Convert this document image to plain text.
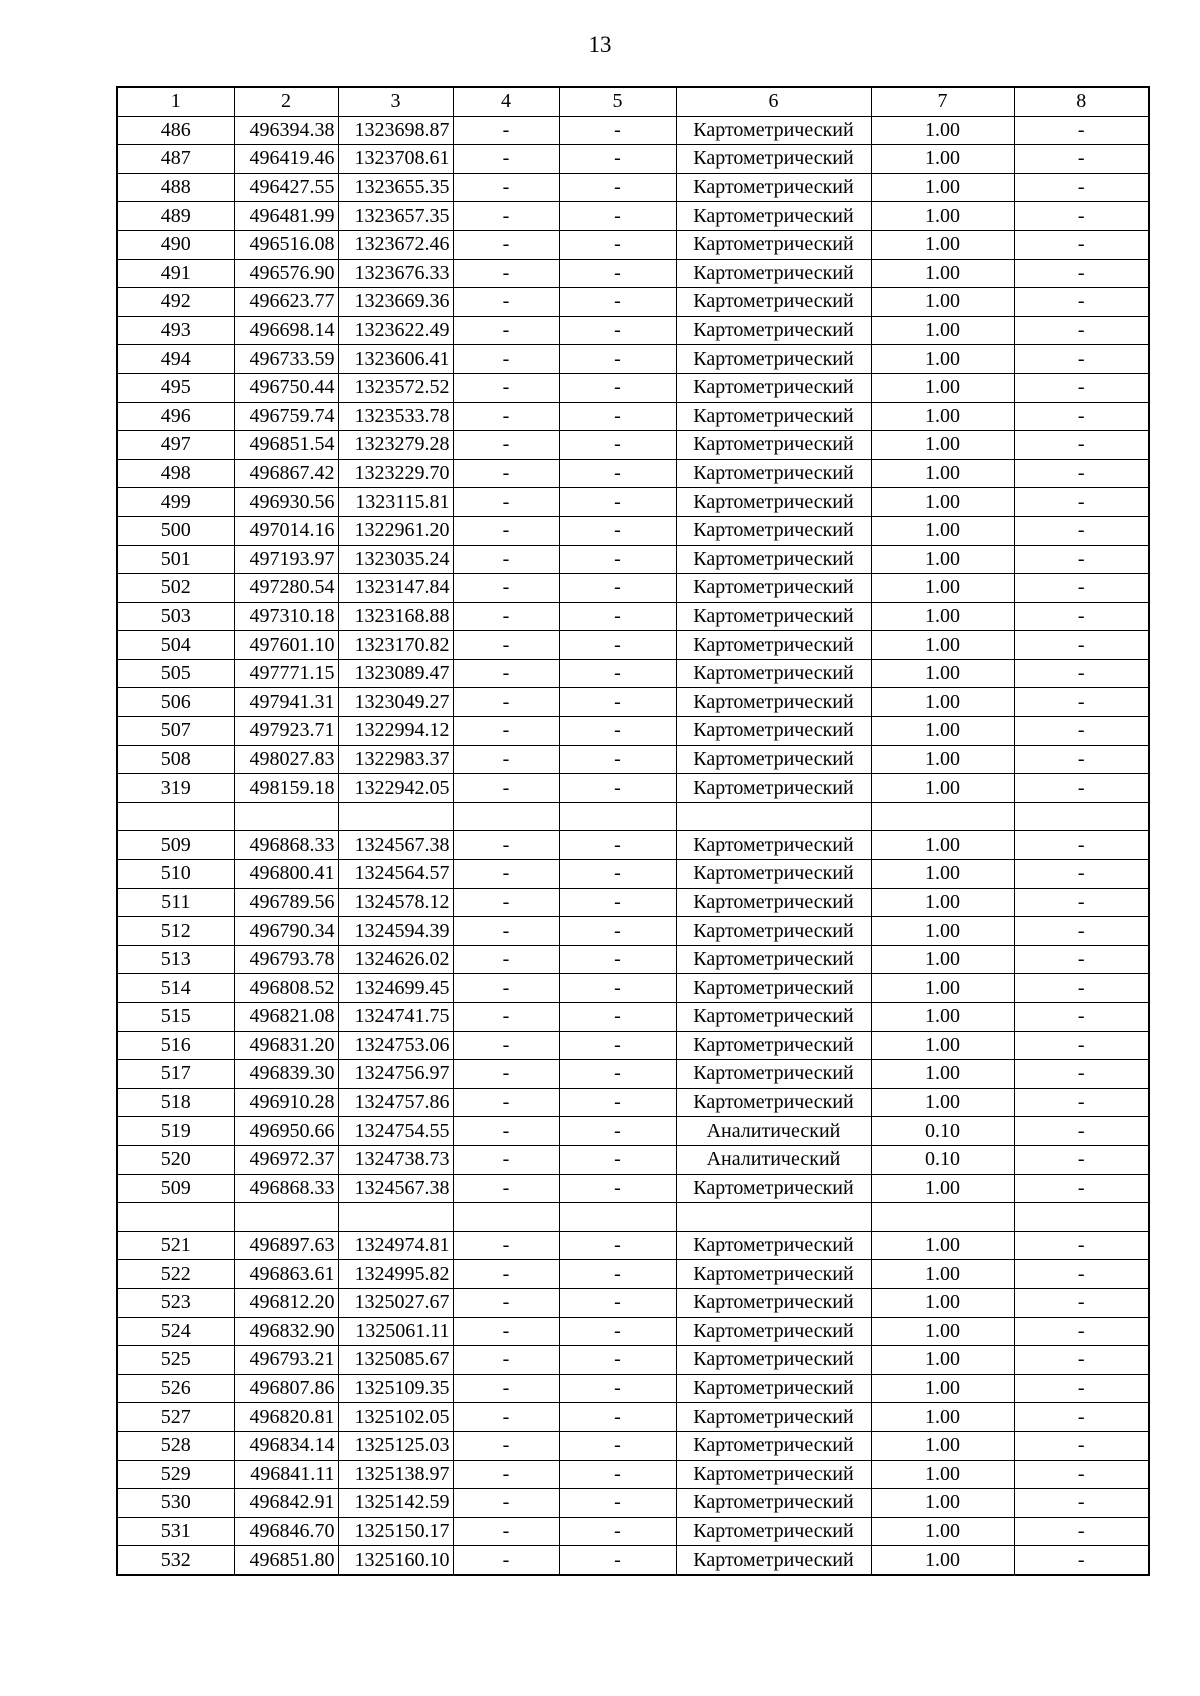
13
1	2	3	4	5	6	7	8
486	496394.38	1323698.87	-	-	Картометрический	1.00	-
487	496419.46	1323708.61	-	-	Картометрический	1.00	-
488	496427.55	1323655.35	-	-	Картометрический	1.00	-
489	496481.99	1323657.35	-	-	Картометрический	1.00	-
490	496516.08	1323672.46	-	-	Картометрический	1.00	-
491	496576.90	1323676.33	-	-	Картометрический	1.00	-
492	496623.77	1323669.36	-	-	Картометрический	1.00	-
493	496698.14	1323622.49	-	-	Картометрический	1.00	-
494	496733.59	1323606.41	-	-	Картометрический	1.00	-
495	496750.44	1323572.52	-	-	Картометрический	1.00	-
496	496759.74	1323533.78	-	-	Картометрический	1.00	-
497	496851.54	1323279.28	-	-	Картометрический	1.00	-
498	496867.42	1323229.70	-	-	Картометрический	1.00	-
499	496930.56	1323115.81	-	-	Картометрический	1.00	-
500	497014.16	1322961.20	-	-	Картометрический	1.00	-
501	497193.97	1323035.24	-	-	Картометрический	1.00	-
502	497280.54	1323147.84	-	-	Картометрический	1.00	-
503	497310.18	1323168.88	-	-	Картометрический	1.00	-
504	497601.10	1323170.82	-	-	Картометрический	1.00	-
505	497771.15	1323089.47	-	-	Картометрический	1.00	-
506	497941.31	1323049.27	-	-	Картометрический	1.00	-
507	497923.71	1322994.12	-	-	Картометрический	1.00	-
508	498027.83	1322983.37	-	-	Картометрический	1.00	-
319	498159.18	1322942.05	-	-	Картометрический	1.00	-

509	496868.33	1324567.38	-	-	Картометрический	1.00	-
510	496800.41	1324564.57	-	-	Картометрический	1.00	-
511	496789.56	1324578.12	-	-	Картометрический	1.00	-
512	496790.34	1324594.39	-	-	Картометрический	1.00	-
513	496793.78	1324626.02	-	-	Картометрический	1.00	-
514	496808.52	1324699.45	-	-	Картометрический	1.00	-
515	496821.08	1324741.75	-	-	Картометрический	1.00	-
516	496831.20	1324753.06	-	-	Картометрический	1.00	-
517	496839.30	1324756.97	-	-	Картометрический	1.00	-
518	496910.28	1324757.86	-	-	Картометрический	1.00	-
519	496950.66	1324754.55	-	-	Аналитический	0.10	-
520	496972.37	1324738.73	-	-	Аналитический	0.10	-
509	496868.33	1324567.38	-	-	Картометрический	1.00	-

521	496897.63	1324974.81	-	-	Картометрический	1.00	-
522	496863.61	1324995.82	-	-	Картометрический	1.00	-
523	496812.20	1325027.67	-	-	Картометрический	1.00	-
524	496832.90	1325061.11	-	-	Картометрический	1.00	-
525	496793.21	1325085.67	-	-	Картометрический	1.00	-
526	496807.86	1325109.35	-	-	Картометрический	1.00	-
527	496820.81	1325102.05	-	-	Картометрический	1.00	-
528	496834.14	1325125.03	-	-	Картометрический	1.00	-
529	496841.11	1325138.97	-	-	Картометрический	1.00	-
530	496842.91	1325142.59	-	-	Картометрический	1.00	-
531	496846.70	1325150.17	-	-	Картометрический	1.00	-
532	496851.80	1325160.10	-	-	Картометрический	1.00	-
